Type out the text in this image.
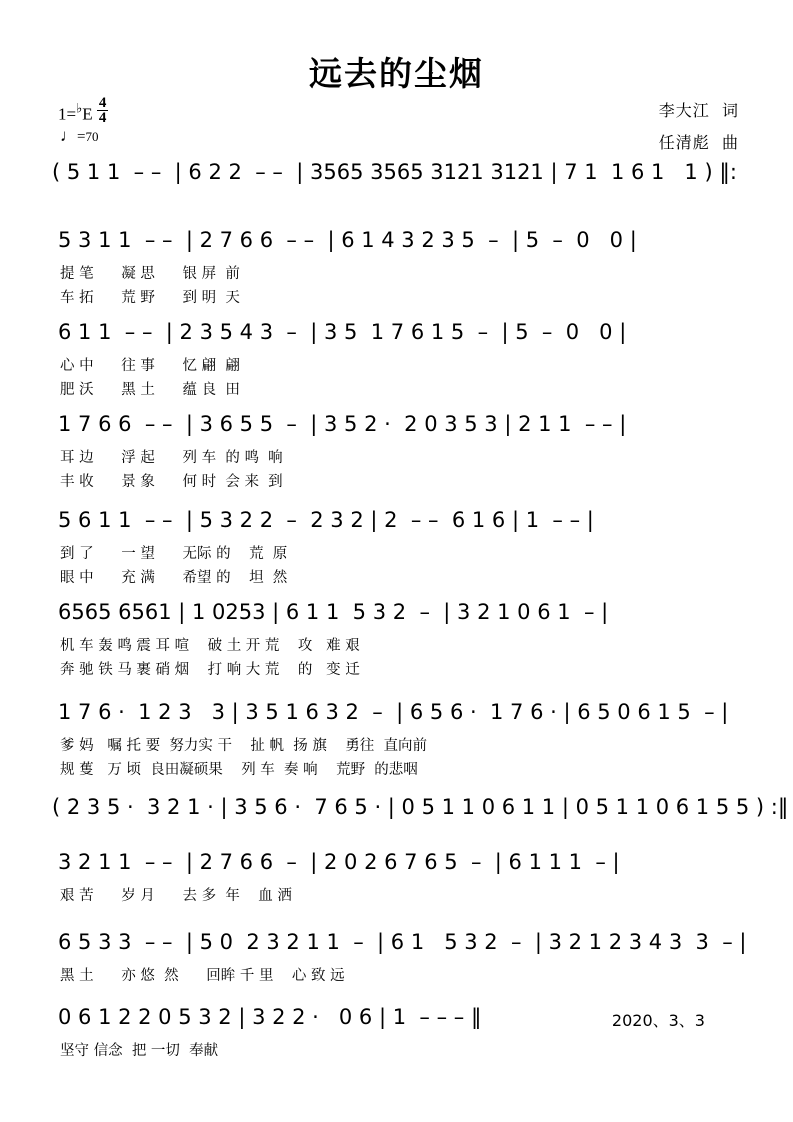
远去的尘烟
$1=^♭E \frac{4}{4}$
♩=70
李大江 词
任清彪 曲
( 5 1 1  – –  | 6 2 2  – –  | 3565 3565 3121 3121 | 7 1  1 6 1   1 ) ‖:
5 3 1 1  – –  | 2 7 6 6  – –  | 6 1 4 3 2 3 5  –  | 5  –  0   0 |
提 笔      凝 思      银 屏  前
车 拓      荒 野      到 明  天
6 1 1  – –  | 2 3 5 4 3  –  | 3 5  1 7 6 1 5  –  | 5  –  0   0 |
心 中      往 事      忆 翩  翩
肥 沃      黑 土      蕴 良  田
1 7 6 6  – –  | 3 6 5 5  –  | 3 5 2 ·  2 0 3 5 3 | 2 1 1  – – |
耳 边      浮 起      列 车  的 鸣  响
丰 收      景 象      何 时  会 来  到
5 6 1 1  – –  | 5 3 2 2  –  2 3 2 | 2  – –  6 1 6 | 1  – – |
到 了      一 望      无际 的    荒  原
眼 中      充 满      希望 的    坦  然
6565 6561 | 1 0253 | 6 1 1  5 3 2  –  | 3 2 1 0 6 1  – |
机 车 轰 鸣 震 耳 喧    破 土 开 荒    攻   难 艰
奔 驰 铁 马 裹 硝 烟    打 响 大 荒    的   变 迁
1 7 6 ·  1 2 3   3 | 3 5 1 6 3 2  –  | 6 5 6 ·  1 7 6 · | 6 5 0 6 1 5  – |
爹 妈   嘱 托 要  努力实 干    扯 帆  扬 旗    勇往  直向前
规 蒦   万 顷  良田凝硕果    列 车  奏 响    荒野  的悲咽
( 2 3 5 ·  3 2 1 · | 3 5 6 ·  7 6 5 · | 0 5 1 1 0 6 1 1 | 0 5 1 1 0 6 1 5 5 ) :‖
3 2 1 1  – –  | 2 7 6 6  –  | 2 0 2 6 7 6 5  –  | 6 1 1 1  – |
艰 苦      岁 月      去 多  年    血 洒
6 5 3 3  – –  | 5 0  2 3 2 1 1  –  | 6 1   5 3 2  –  | 3 2 1 2 3 4 3  3  – |
黑 土      亦 悠  然      回眸 千 里    心 致 远
0 6 1 2 2 0 5 3 2 | 3 2 2 ·   0 6 | 1  – – – ‖
坚守 信念  把 一切  奉献
2020、3、3
